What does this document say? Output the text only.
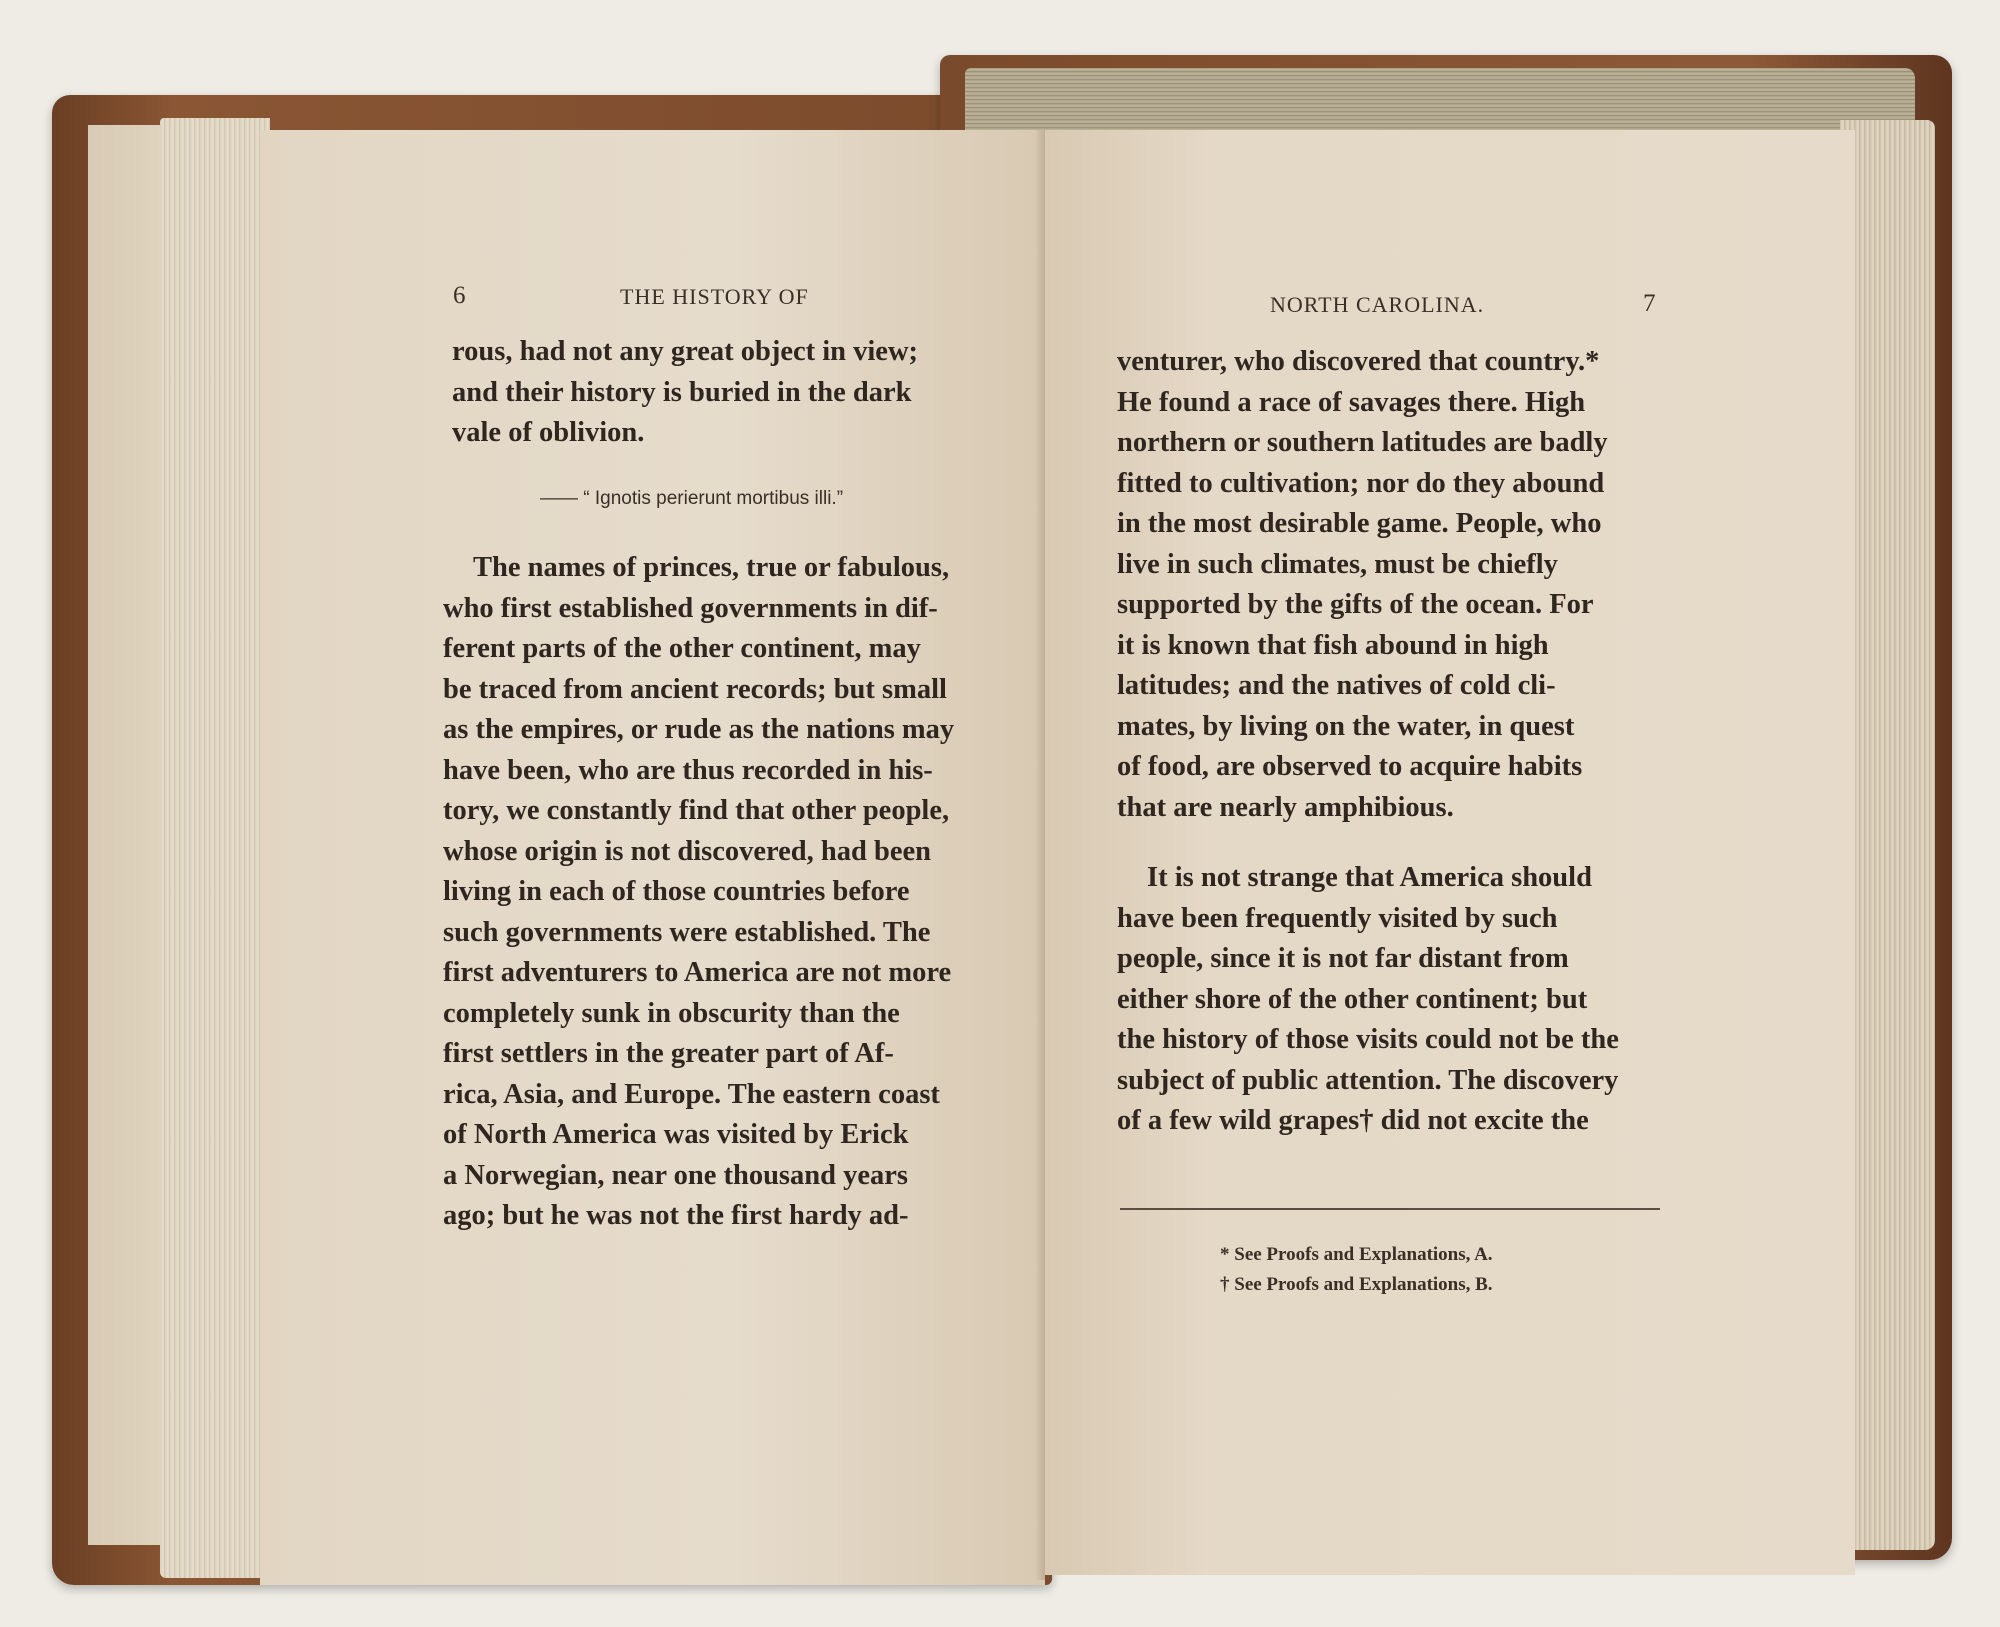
6	THE HISTORY OF
rous, had not any great object in view;
and their history is buried in the dark
vale of oblivion.
—— “ Ignotis perierunt mortibus illi.”
The names of princes, true or fabulous,
who first established governments in dif-
ferent parts of the other continent, may
be traced from ancient records; but small
as the empires, or rude as the nations may
have been, who are thus recorded in his-
tory, we constantly find that other people,
whose origin is not discovered, had been
living in each of those countries before
such governments were established. The
first adventurers to America are not more
completely sunk in obscurity than the
first settlers in the greater part of Af-
rica, Asia, and Europe. The eastern coast
of North America was visited by Erick
a Norwegian, near one thousand years
ago; but he was not the first hardy ad-
NORTH CAROLINA.	7
venturer, who discovered that country.*
He found a race of savages there. High
northern or southern latitudes are badly
fitted to cultivation; nor do they abound
in the most desirable game. People, who
live in such climates, must be chiefly
supported by the gifts of the ocean. For
it is known that fish abound in high
latitudes; and the natives of cold cli-
mates, by living on the water, in quest
of food, are observed to acquire habits
that are nearly amphibious.
It is not strange that America should
have been frequently visited by such
people, since it is not far distant from
either shore of the other continent; but
the history of those visits could not be the
subject of public attention. The discovery
of a few wild grapes† did not excite the
* See Proofs and Explanations, A.
† See Proofs and Explanations, B.
